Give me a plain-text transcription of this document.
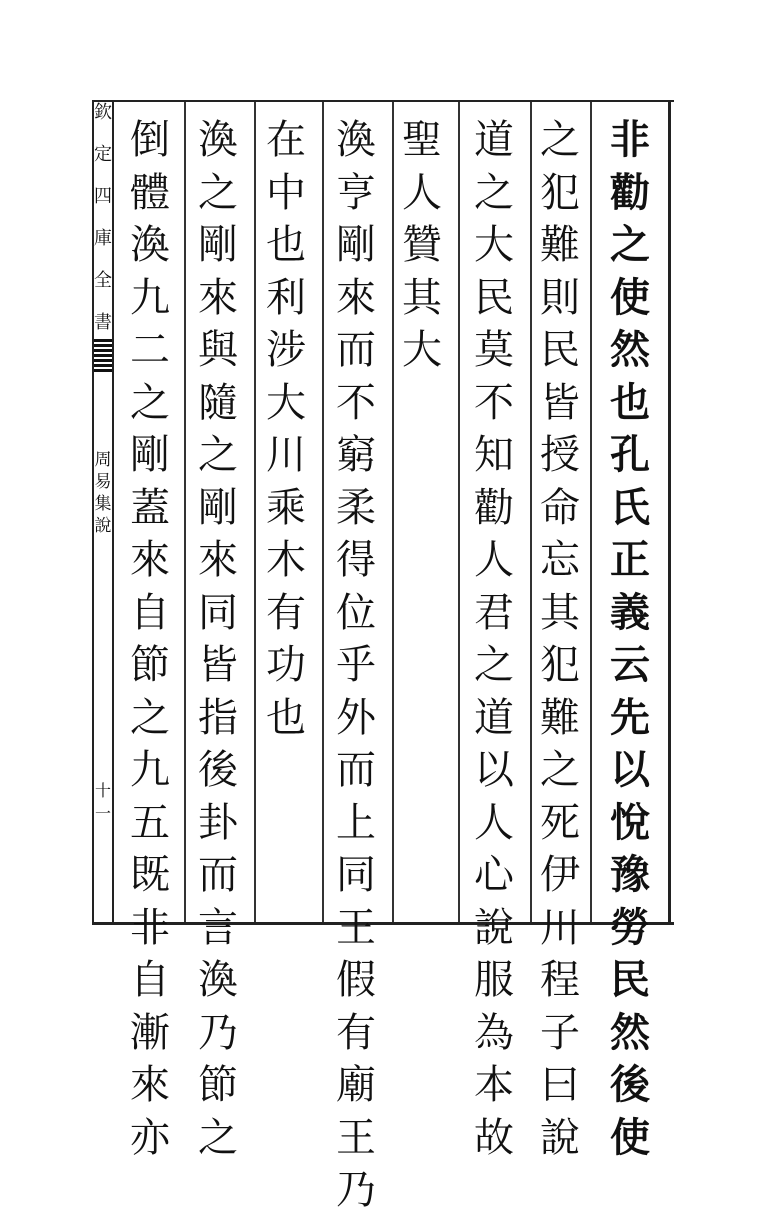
欽
定
四
庫
全
書
周
易
集
說
十一
非
勸
之
使
然
也
孔
氏
正
義
云
先
以
悅
豫
勞
民
然
後
使
之
犯
難
則
民
皆
授
命
忘
其
犯
難
之
死
伊
川
程
子
曰
說
道
之
大
民
莫
不
知
勸
人
君
之
道
以
人
心
說
服
為
本
故
聖
人
贊
其
大
渙
亨
剛
來
而
不
窮
柔
得
位
乎
外
而
上
同
王
假
有
廟
王
乃
在
中
也
利
涉
大
川
乘
木
有
功
也
渙
之
剛
來
與
隨
之
剛
來
同
皆
指
後
卦
而
言
渙
乃
節
之
倒
體
渙
九
二
之
剛
蓋
來
自
節
之
九
五
既
非
自
漸
來
亦
